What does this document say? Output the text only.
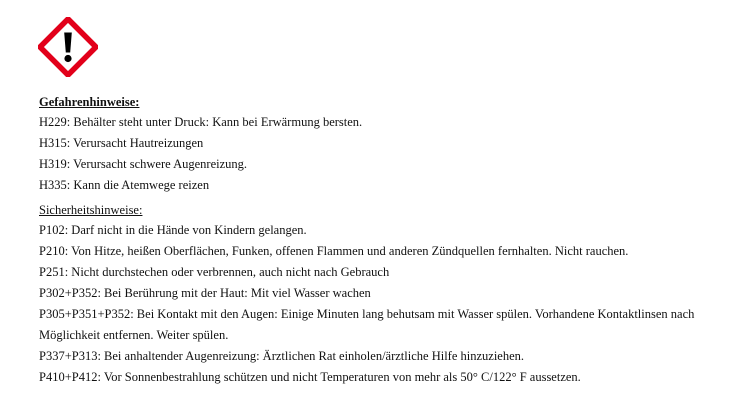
Gefahrenhinweise:
H229: Behälter steht unter Druck: Kann bei Erwärmung bersten.
H315: Verursacht Hautreizungen
H319: Verursacht schwere Augenreizung.
H335: Kann die Atemwege reizen
Sicherheitshinweise:
P102: Darf nicht in die Hände von Kindern gelangen.
P210: Von Hitze, heißen Oberflächen, Funken, offenen Flammen und anderen Zündquellen fernhalten. Nicht rauchen.
P251: Nicht durchstechen oder verbrennen, auch nicht nach Gebrauch
P302+P352: Bei Berührung mit der Haut: Mit viel Wasser wachen
P305+P351+P352: Bei Kontakt mit den Augen: Einige Minuten lang behutsam mit Wasser spülen. Vorhandene Kontaktlinsen nach Möglichkeit entfernen. Weiter spülen.
P337+P313: Bei anhaltender Augenreizung: Ärztlichen Rat einholen/ärztliche Hilfe hinzuziehen.
P410+P412: Vor Sonnenbestrahlung schützen und nicht Temperaturen von mehr als 50° C/122° F aussetzen.
